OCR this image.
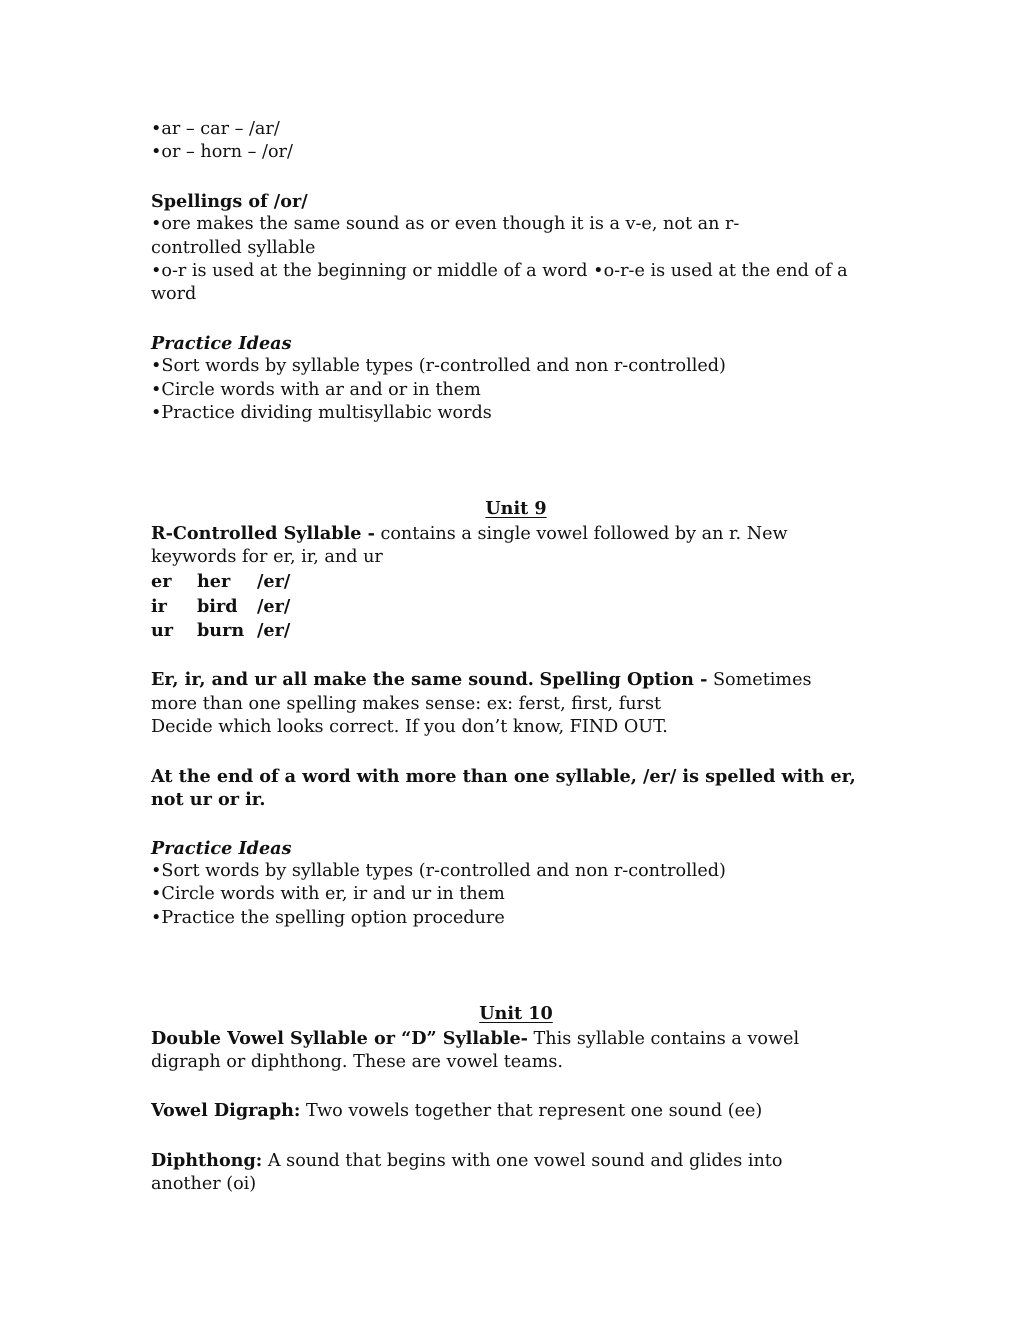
•ar – car – /ar/
•or – horn – /or/
Spellings of /or/
•ore makes the same sound as or even though it is a v-e, not an r-controlled syllable
•o-r is used at the beginning or middle of a word •o-r-e is used at the end of a word
Practice Ideas
•Sort words by syllable types (r-controlled and non r-controlled)
•Circle words with ar and or in them
•Practice dividing multisyllabic words
Unit 9
R-Controlled Syllable - contains a single vowel followed by an r. New keywords for er, ir, and ur
er	her	/er/
ir	bird	/er/
ur	burn	/er/
Er, ir, and ur all make the same sound. Spelling Option - Sometimes more than one spelling makes sense: ex: ferst, first, furst
Decide which looks correct. If you don’t know, FIND OUT.
At the end of a word with more than one syllable, /er/ is spelled with er, not ur or ir.
Practice Ideas
•Sort words by syllable types (r-controlled and non r-controlled)
•Circle words with er, ir and ur in them
•Practice the spelling option procedure
Unit 10
Double Vowel Syllable or “D” Syllable- This syllable contains a vowel digraph or diphthong. These are vowel teams.
Vowel Digraph: Two vowels together that represent one sound (ee)
Diphthong: A sound that begins with one vowel sound and glides into another (oi)
